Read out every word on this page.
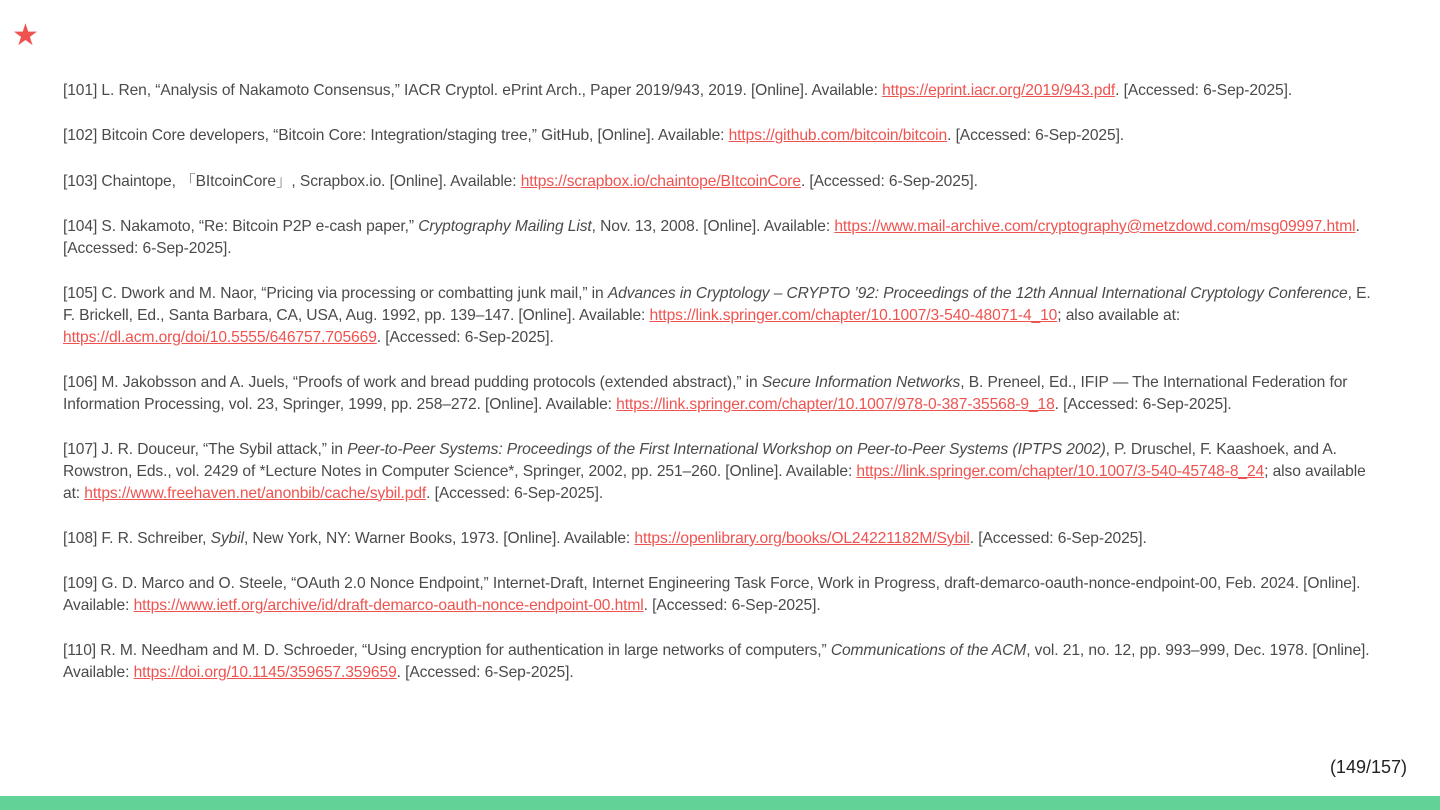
★

[101] L. Ren, “Analysis of Nakamoto Consensus,” IACR Cryptol. ePrint Arch., Paper 2019/943, 2019. [Online]. Available: https://eprint.iacr.org/2019/943.pdf. [Accessed: 6-Sep-2025].

[102] Bitcoin Core developers, “Bitcoin Core: Integration/staging tree,” GitHub, [Online]. Available: https://github.com/bitcoin/bitcoin. [Accessed: 6-Sep-2025].

[103] Chaintope, 「BItcoinCore」, Scrapbox.io. [Online]. Available: https://scrapbox.io/chaintope/BItcoinCore. [Accessed: 6-Sep-2025].

[104] S. Nakamoto, “Re: Bitcoin P2P e-cash paper,” Cryptography Mailing List, Nov. 13, 2008. [Online]. Available: https://www.mail-archive.com/cryptography@metzdowd.com/msg09997.html. [Accessed: 6-Sep-2025].

[105] C. Dwork and M. Naor, “Pricing via processing or combatting junk mail,” in Advances in Cryptology – CRYPTO ’92: Proceedings of the 12th Annual International Cryptology Conference, E. F. Brickell, Ed., Santa Barbara, CA, USA, Aug. 1992, pp. 139–147. [Online]. Available: https://link.springer.com/chapter/10.1007/3-540-48071-4_10; also available at: https://dl.acm.org/doi/10.5555/646757.705669. [Accessed: 6-Sep-2025].

[106] M. Jakobsson and A. Juels, “Proofs of work and bread pudding protocols (extended abstract),” in Secure Information Networks, B. Preneel, Ed., IFIP — The International Federation for Information Processing, vol. 23, Springer, 1999, pp. 258–272. [Online]. Available: https://link.springer.com/chapter/10.1007/978-0-387-35568-9_18. [Accessed: 6-Sep-2025].

[107] J. R. Douceur, “The Sybil attack,” in Peer-to-Peer Systems: Proceedings of the First International Workshop on Peer-to-Peer Systems (IPTPS 2002), P. Druschel, F. Kaashoek, and A. Rowstron, Eds., vol. 2429 of *Lecture Notes in Computer Science*, Springer, 2002, pp. 251–260. [Online]. Available: https://link.springer.com/chapter/10.1007/3-540-45748-8_24; also available at: https://www.freehaven.net/anonbib/cache/sybil.pdf. [Accessed: 6-Sep-2025].

[108] F. R. Schreiber, Sybil, New York, NY: Warner Books, 1973. [Online]. Available: https://openlibrary.org/books/OL24221182M/Sybil. [Accessed: 6-Sep-2025].

[109] G. D. Marco and O. Steele, “OAuth 2.0 Nonce Endpoint,” Internet-Draft, Internet Engineering Task Force, Work in Progress, draft-demarco-oauth-nonce-endpoint-00, Feb. 2024. [Online]. Available: https://www.ietf.org/archive/id/draft-demarco-oauth-nonce-endpoint-00.html. [Accessed: 6-Sep-2025].

[110] R. M. Needham and M. D. Schroeder, “Using encryption for authentication in large networks of computers,” Communications of the ACM, vol. 21, no. 12, pp. 993–999, Dec. 1978. [Online]. Available: https://doi.org/10.1145/359657.359659. [Accessed: 6-Sep-2025].

(149/157)
